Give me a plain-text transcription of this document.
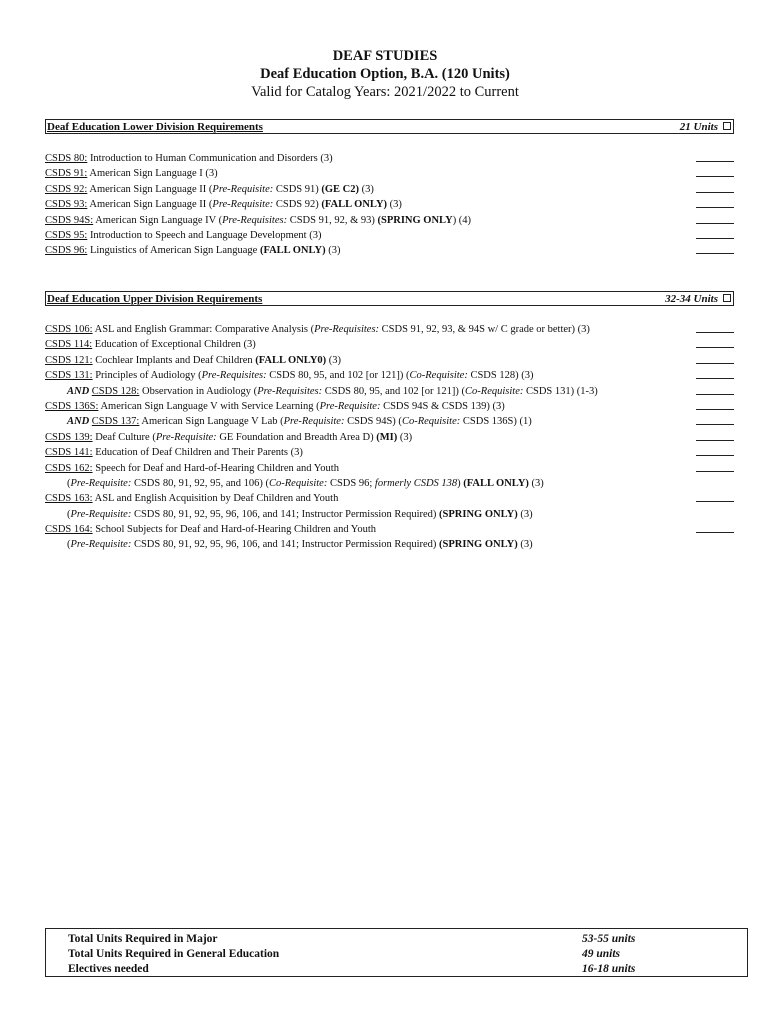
DEAF STUDIES
Deaf Education Option, B.A. (120 Units)
Valid for Catalog Years: 2021/2022 to Current
Deaf Education Lower Division Requirements	21 Units
CSDS 80: Introduction to Human Communication and Disorders (3)
CSDS 91: American Sign Language I (3)
CSDS 92: American Sign Language II (Pre-Requisite: CSDS 91) (GE C2) (3)
CSDS 93: American Sign Language II (Pre-Requisite: CSDS 92) (FALL ONLY) (3)
CSDS 94S: American Sign Language IV (Pre-Requisites: CSDS 91, 92, & 93) (SPRING ONLY) (4)
CSDS 95: Introduction to Speech and Language Development (3)
CSDS 96: Linguistics of American Sign Language (FALL ONLY) (3)
Deaf Education Upper Division Requirements	32-34 Units
CSDS 106: ASL and English Grammar: Comparative Analysis (Pre-Requisites: CSDS 91, 92, 93, & 94S w/ C grade or better) (3)
CSDS 114: Education of Exceptional Children (3)
CSDS 121: Cochlear Implants and Deaf Children (FALL ONLY0) (3)
CSDS 131: Principles of Audiology (Pre-Requisites: CSDS 80, 95, and 102 [or 121]) (Co-Requisite: CSDS 128) (3)
AND CSDS 128: Observation in Audiology (Pre-Requisites: CSDS 80, 95, and 102 [or 121]) (Co-Requisite: CSDS 131) (1-3)
CSDS 136S: American Sign Language V with Service Learning (Pre-Requisite: CSDS 94S & CSDS 139) (3)
AND CSDS 137: American Sign Language V Lab (Pre-Requisite: CSDS 94S) (Co-Requisite: CSDS 136S) (1)
CSDS 139: Deaf Culture (Pre-Requisite: GE Foundation and Breadth Area D) (MI) (3)
CSDS 141: Education of Deaf Children and Their Parents (3)
CSDS 162: Speech for Deaf and Hard-of-Hearing Children and Youth
(Pre-Requisite: CSDS 80, 91, 92, 95, and 106) (Co-Requisite: CSDS 96; formerly CSDS 138) (FALL ONLY) (3)
CSDS 163: ASL and English Acquisition by Deaf Children and Youth
(Pre-Requisite: CSDS 80, 91, 92, 95, 96, 106, and 141; Instructor Permission Required) (SPRING ONLY) (3)
CSDS 164: School Subjects for Deaf and Hard-of-Hearing Children and Youth
(Pre-Requisite: CSDS 80, 91, 92, 95, 96, 106, and 141; Instructor Permission Required) (SPRING ONLY) (3)
Total Units Required in Major	53-55 units
Total Units Required in General Education	49 units
Electives needed	16-18 units
